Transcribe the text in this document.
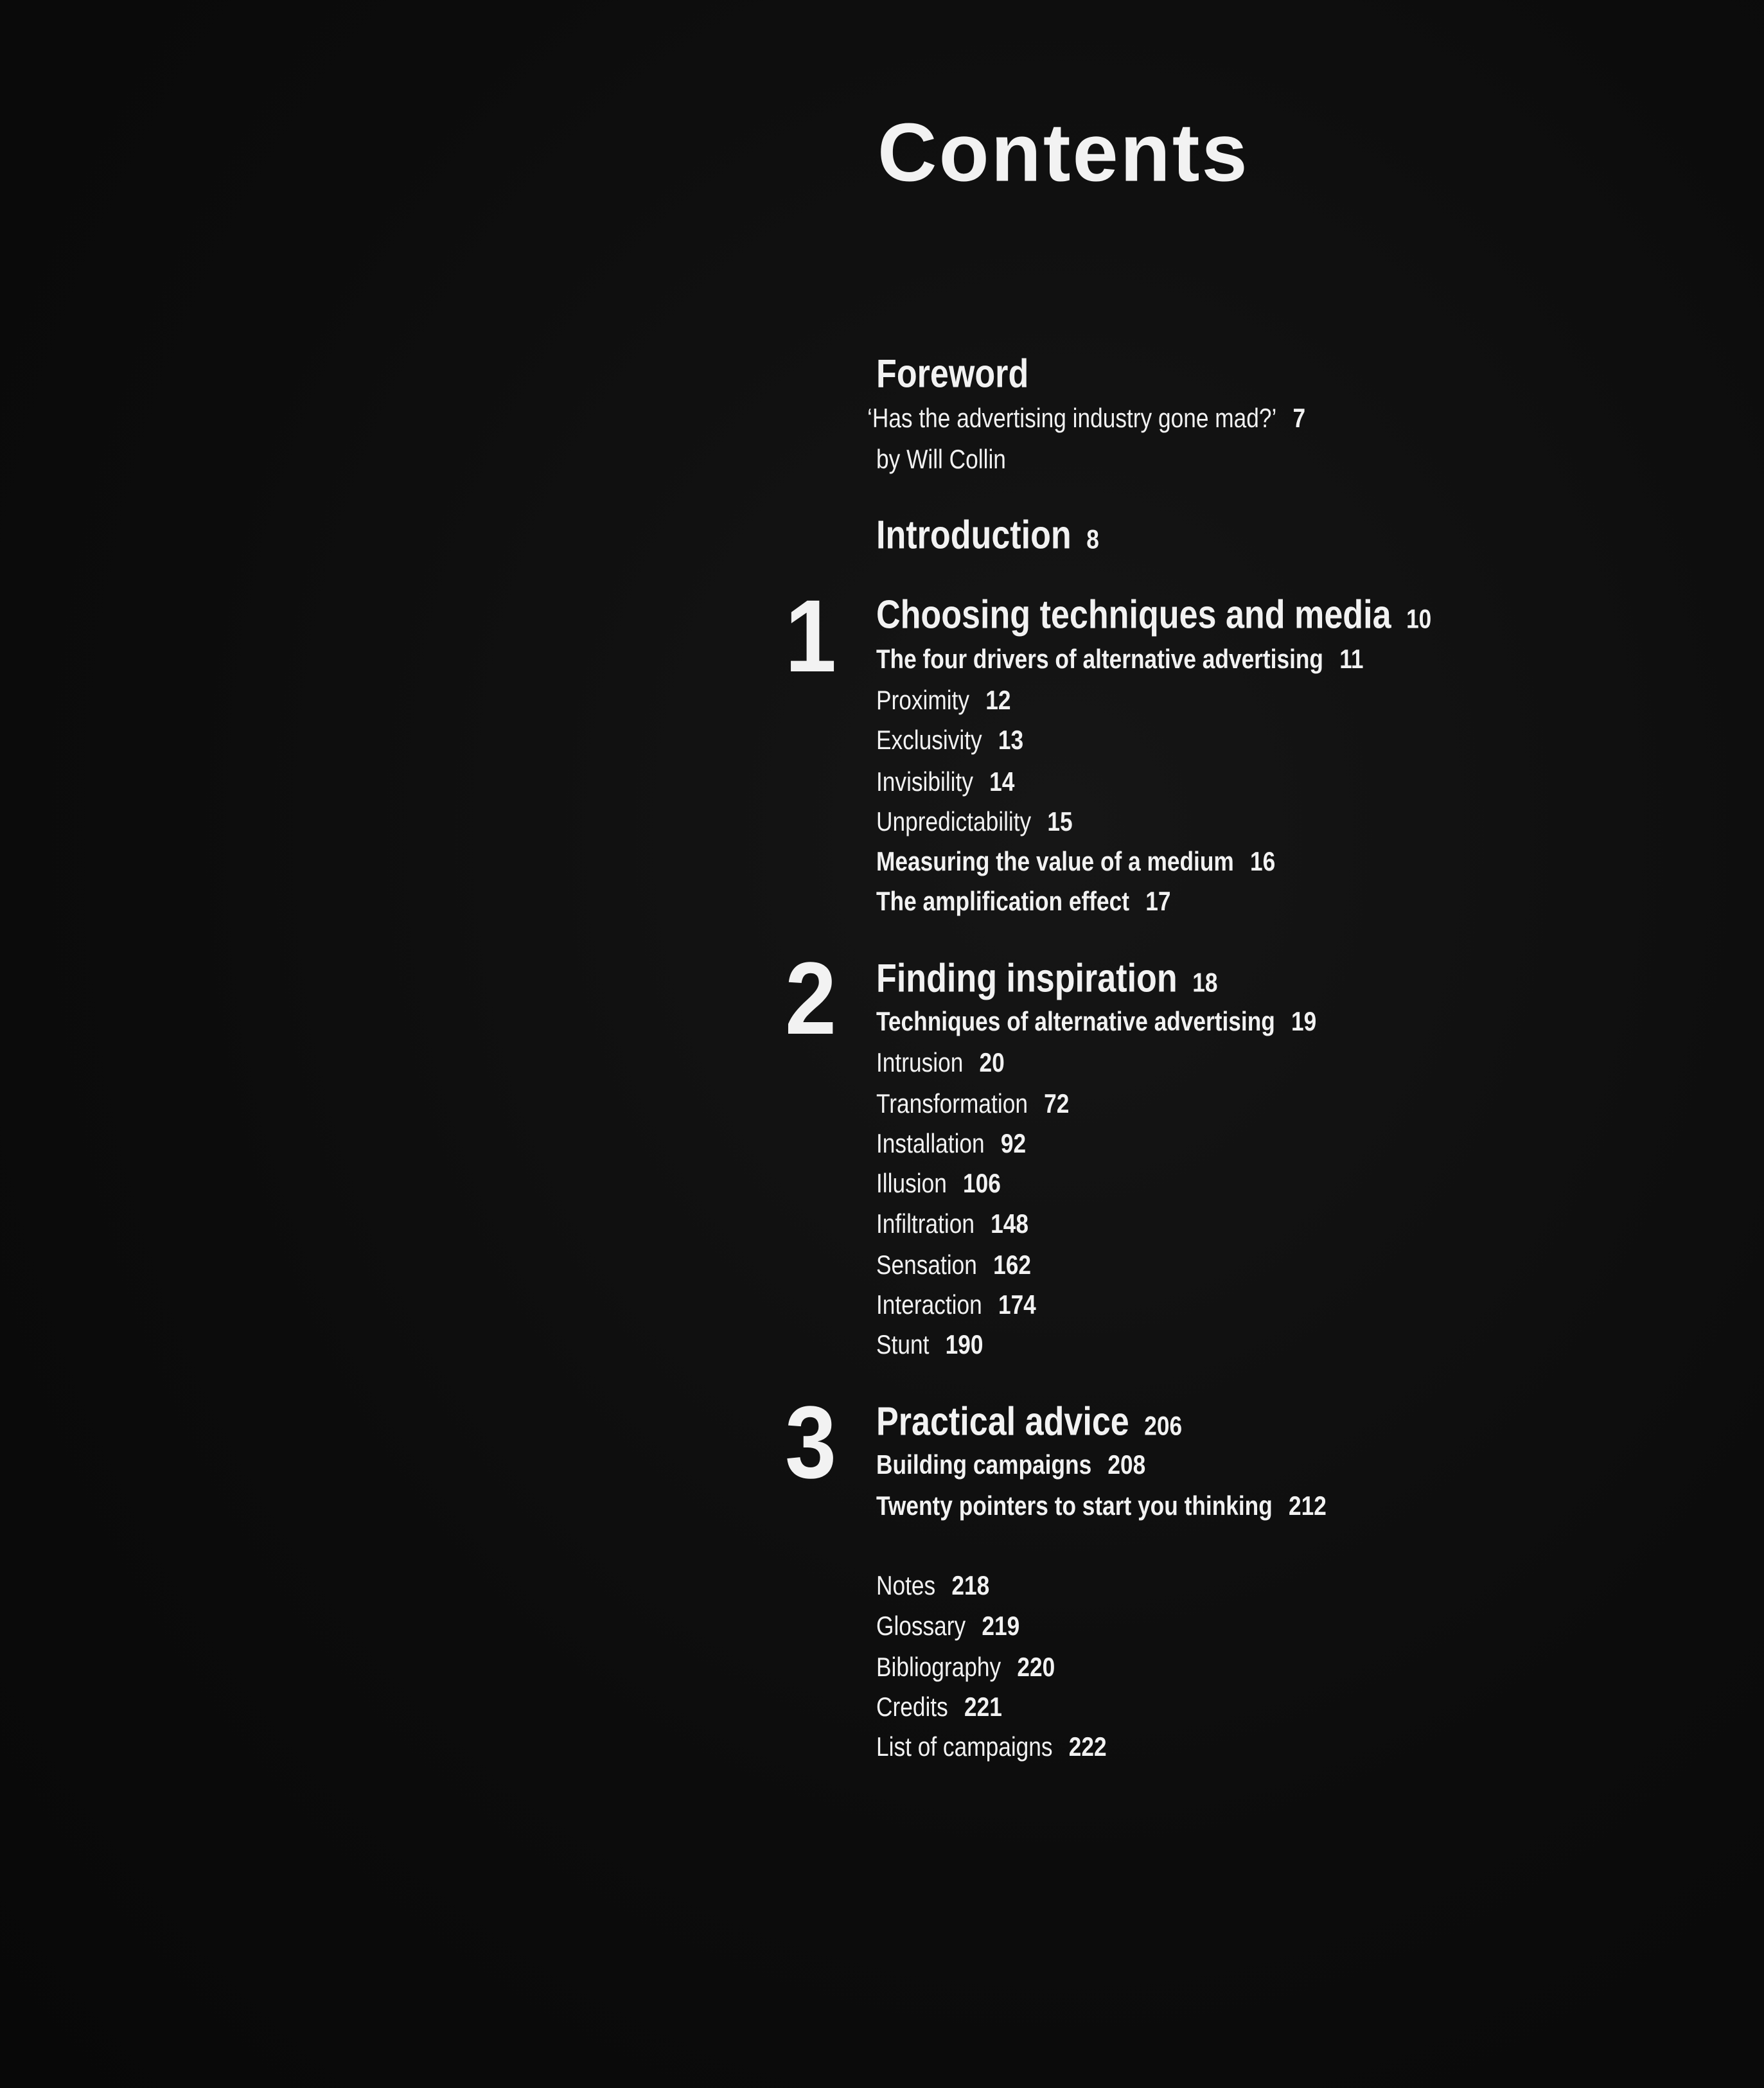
Contents
Foreword
‘Has the advertising industry gone mad?’ 7
by Will Collin
Introduction 8
1 Choosing techniques and media 10
The four drivers of alternative advertising 11
Proximity 12
Exclusivity 13
Invisibility 14
Unpredictability 15
Measuring the value of a medium 16
The amplification effect 17
2 Finding inspiration 18
Techniques of alternative advertising 19
Intrusion 20
Transformation 72
Installation 92
Illusion 106
Infiltration 148
Sensation 162
Interaction 174
Stunt 190
3 Practical advice 206
Building campaigns 208
Twenty pointers to start you thinking 212
Notes 218
Glossary 219
Bibliography 220
Credits 221
List of campaigns 222
